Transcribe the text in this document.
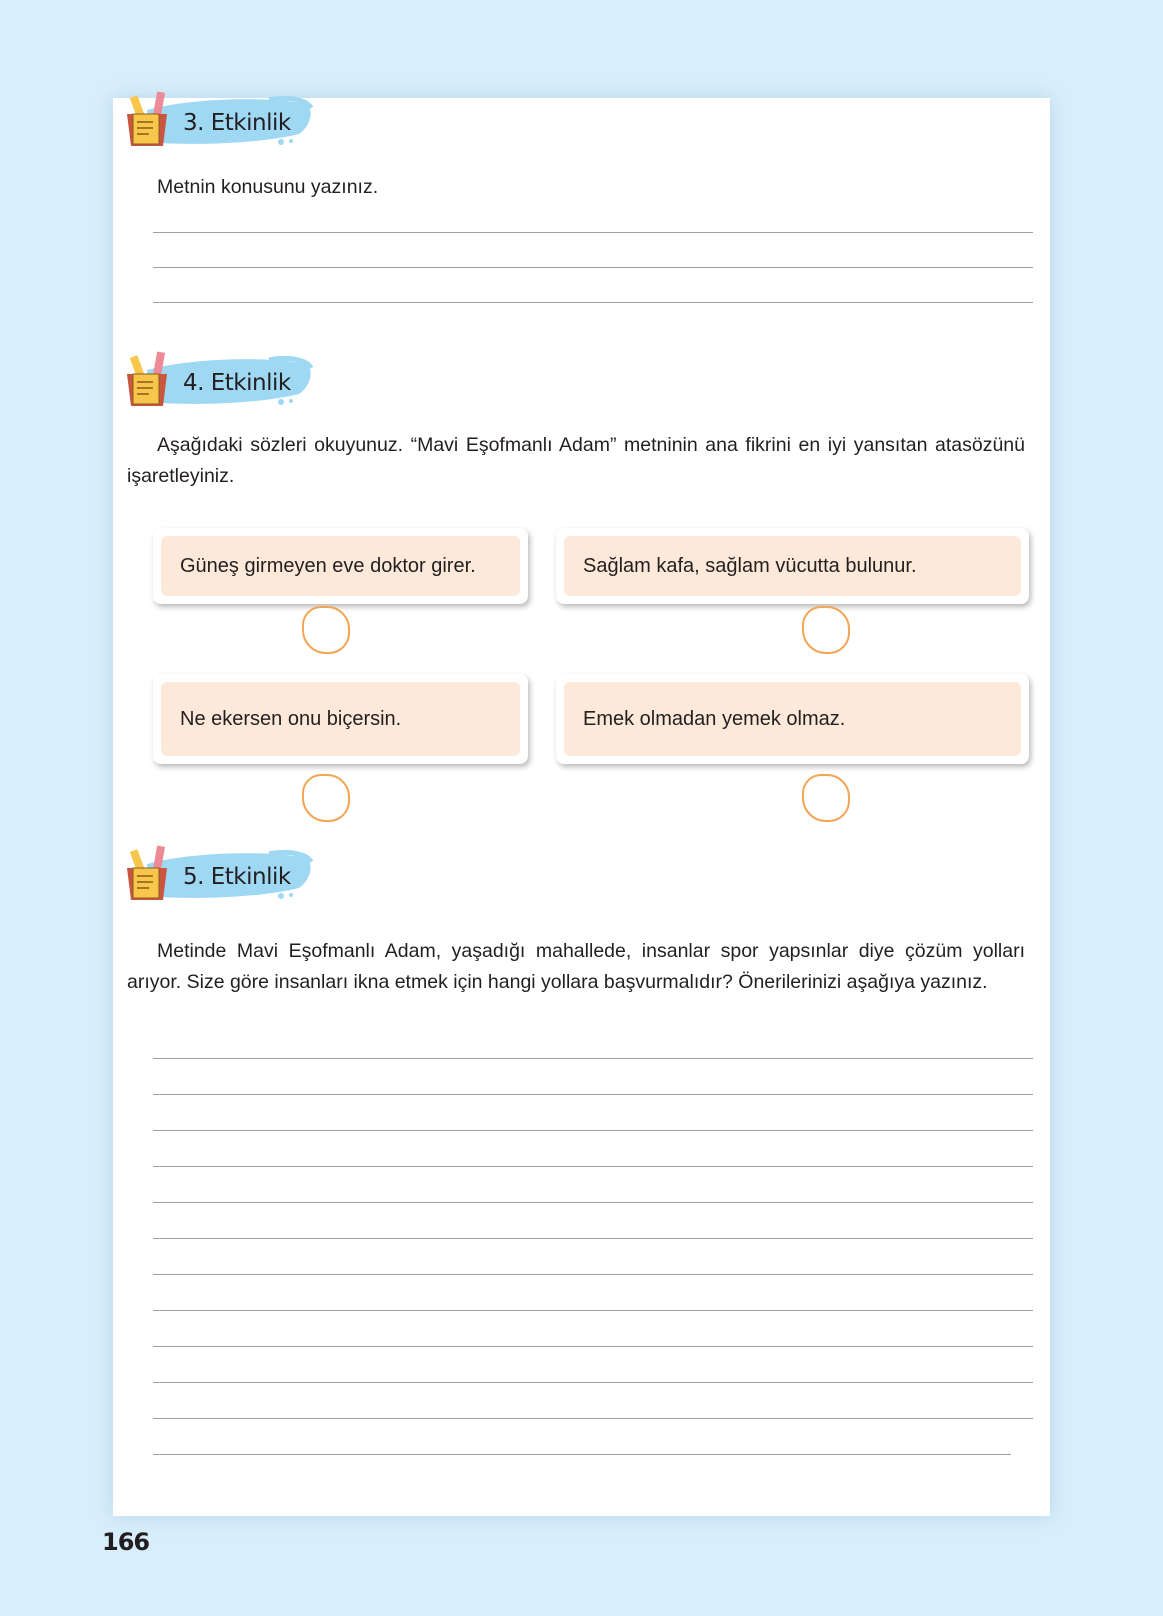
3. Etkinlik

Metnin konusunu yazınız.

4. Etkinlik

Aşağıdaki sözleri okuyunuz. “Mavi Eşofmanlı Adam” metninin ana fikrini en iyi yansıtan atasözünü işaretleyiniz.

Güneş girmeyen eve doktor girer.	Sağlam kafa, sağlam vücutta bulunur.
Ne ekersen onu biçersin.	Emek olmadan yemek olmaz.
5. Etkinlik

Metinde Mavi Eşofmanlı Adam, yaşadığı mahallede, insanlar spor yapsınlar diye çözüm yolları arıyor. Size göre insanları ikna etmek için hangi yollara başvurmalıdır? Önerilerinizi aşağıya yazınız.

166
